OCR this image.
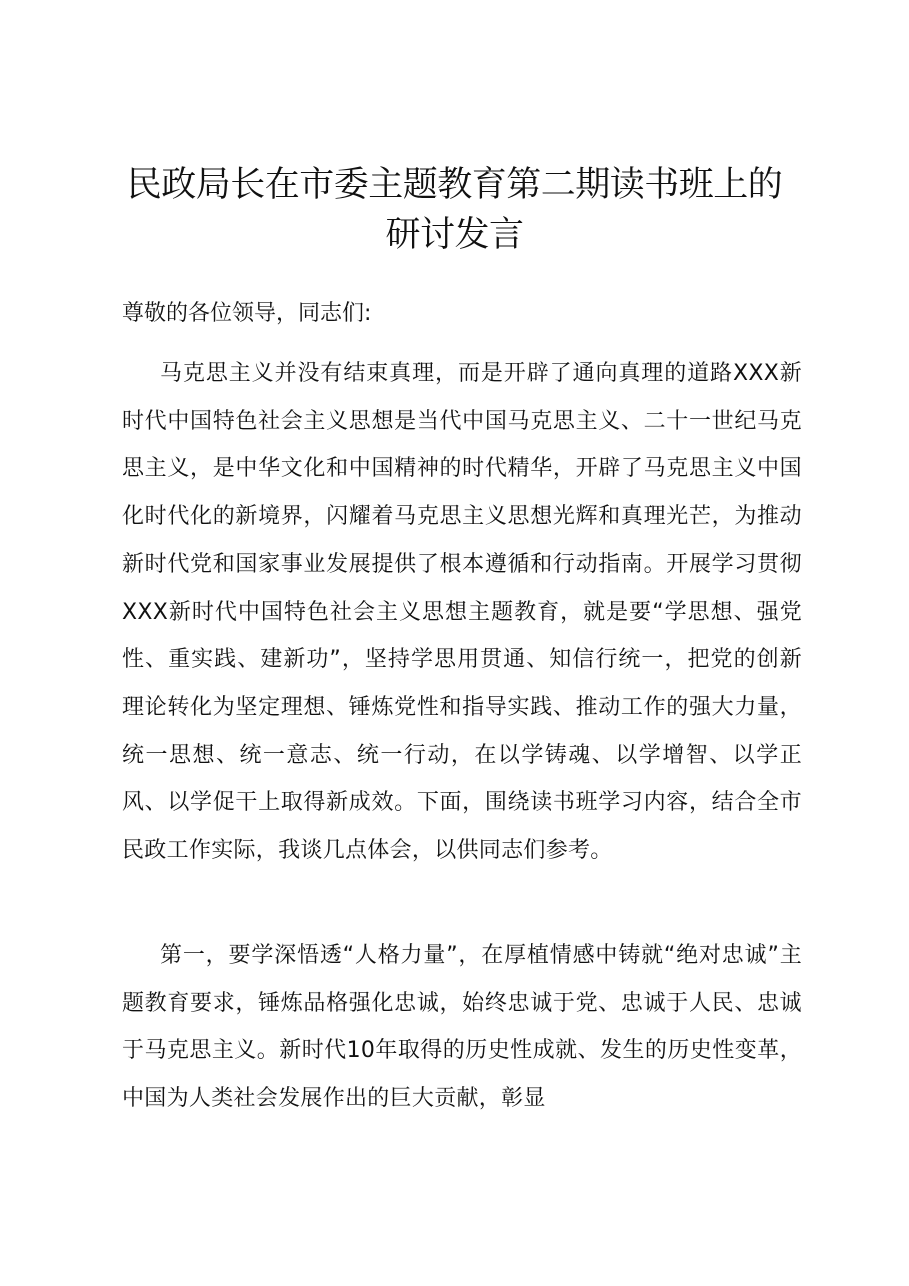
民政局长在市委主题教育第二期读书班上的研讨发言

尊敬的各位领导，同志们:

马克思主义并没有结束真理，而是开辟了通向真理的道路XXX新时代中国特色社会主义思想是当代中国马克思主义、二十一世纪马克思主义，是中华文化和中国精神的时代精华，开辟了马克思主义中国化时代化的新境界，闪耀着马克思主义思想光辉和真理光芒，为推动新时代党和国家事业发展提供了根本遵循和行动指南。开展学习贯彻XXX新时代中国特色社会主义思想主题教育，就是要“学思想、强党性、重实践、建新功”，坚持学思用贯通、知信行统一，把党的创新理论转化为坚定理想、锤炼党性和指导实践、推动工作的强大力量，统一思想、统一意志、统一行动，在以学铸魂、以学增智、以学正风、以学促干上取得新成效。下面，围绕读书班学习内容，结合全市民政工作实际，我谈几点体会，以供同志们参考。

第一，要学深悟透“人格力量”，在厚植情感中铸就“绝对忠诚”主题教育要求，锤炼品格强化忠诚，始终忠诚于党、忠诚于人民、忠诚于马克思主义。新时代10年取得的历史性成就、发生的历史性变革，中国为人类社会发展作出的巨大贡献，彰显
